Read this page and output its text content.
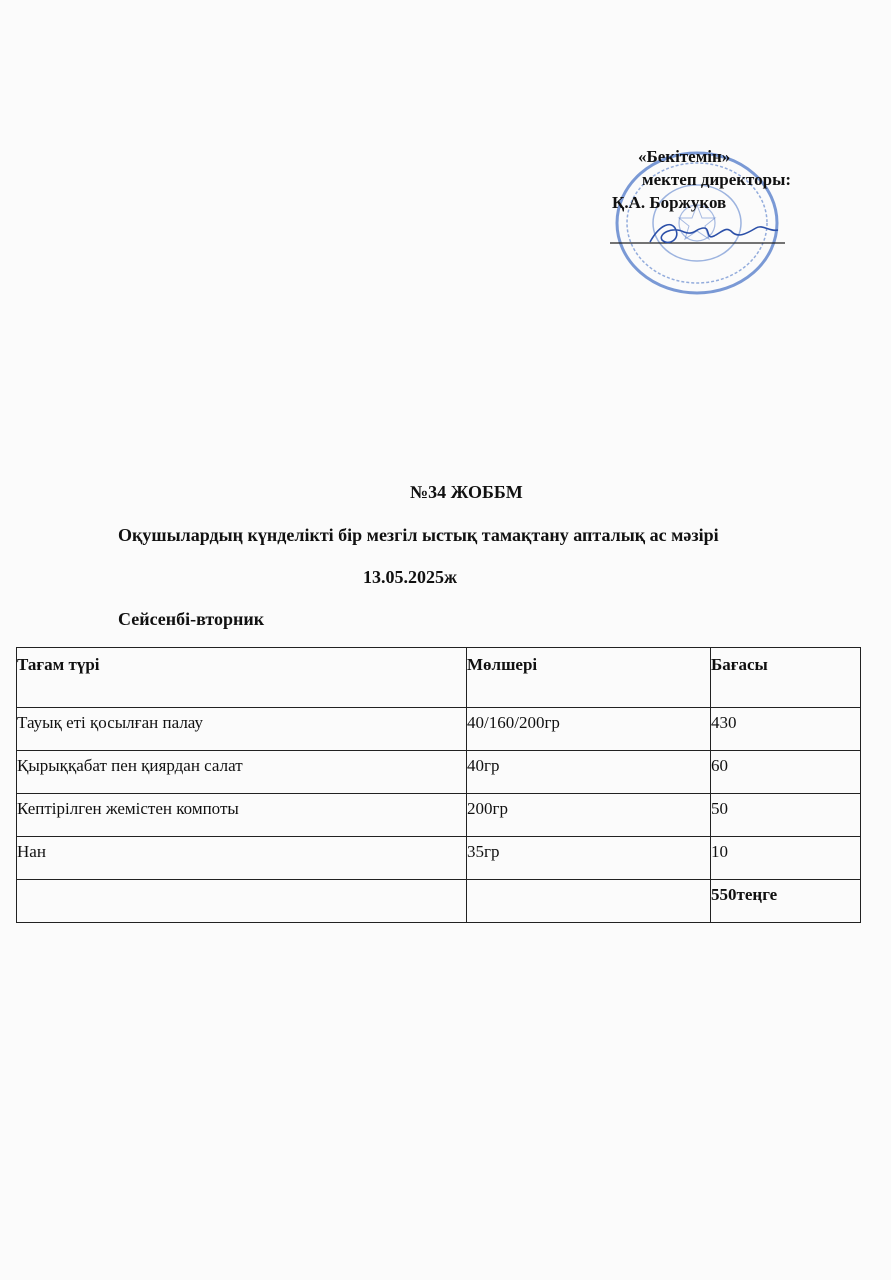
«Бекітемін»
мектеп директоры:
Қ.А. Боржуков
№34 ЖОББМ
Оқушылардың күнделікті бір мезгіл ыстық тамақтану апталық ас мәзірі
13.05.2025ж
Сейсенбі-вторник
Тағам түрі	Мөлшері	Бағасы
Тауық еті қосылған палау	40/160/200гр	430
Қырыққабат пен қиярдан салат	40гр	60
Кептірілген жемістен компоты	200гр	50
Нан	35гр	10
		550теңге
